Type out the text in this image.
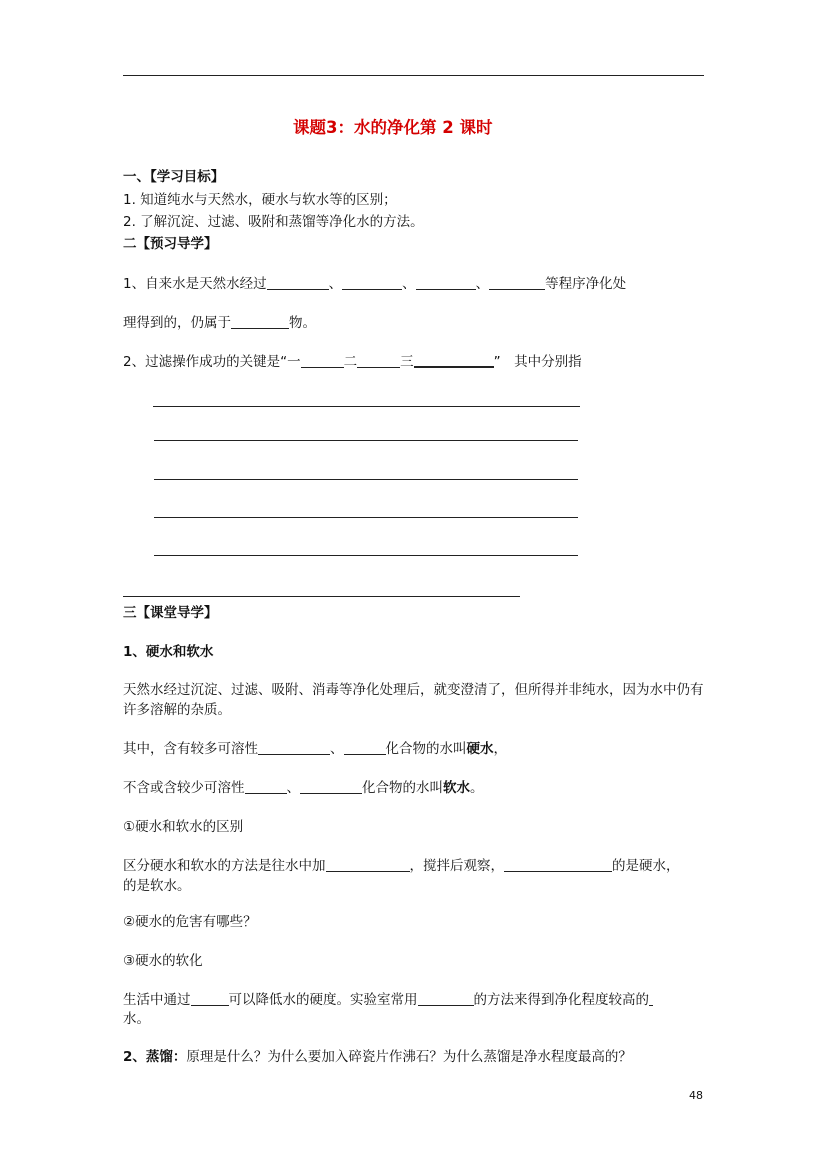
课题3：水的净化第 2 课时
一、【学习目标】
1. 知道纯水与天然水，硬水与软水等的区别；
2. 了解沉淀、过滤、吸附和蒸馏等净化水的方法。
二【预习导学】
1、自来水是天然水经过	、	、	、	等程序净化处
理得到的，仍属于	物。
2、过滤操作成功的关键是“一	二	三	”　其中分别指
三【课堂导学】
1、硬水和软水
天然水经过沉淀、过滤、吸附、消毒等净化处理后，就变澄清了，但所得并非纯水，因为水中仍有许多溶解的杂质。
其中，含有较多可溶性	、	化合物的水叫硬水，
不含或含较少可溶性	、	化合物的水叫软水。
①硬水和软水的区别
区分硬水和软水的方法是往水中加	，搅拌后观察，	的是硬水，
的是软水。
②硬水的危害有哪些？
③硬水的软化
生活中通过	可以降低水的硬度。实验室常用	的方法来得到净化程度较高的
水。
2、蒸馏：原理是什么？为什么要加入碎瓷片作沸石？为什么蒸馏是净水程度最高的？
48
